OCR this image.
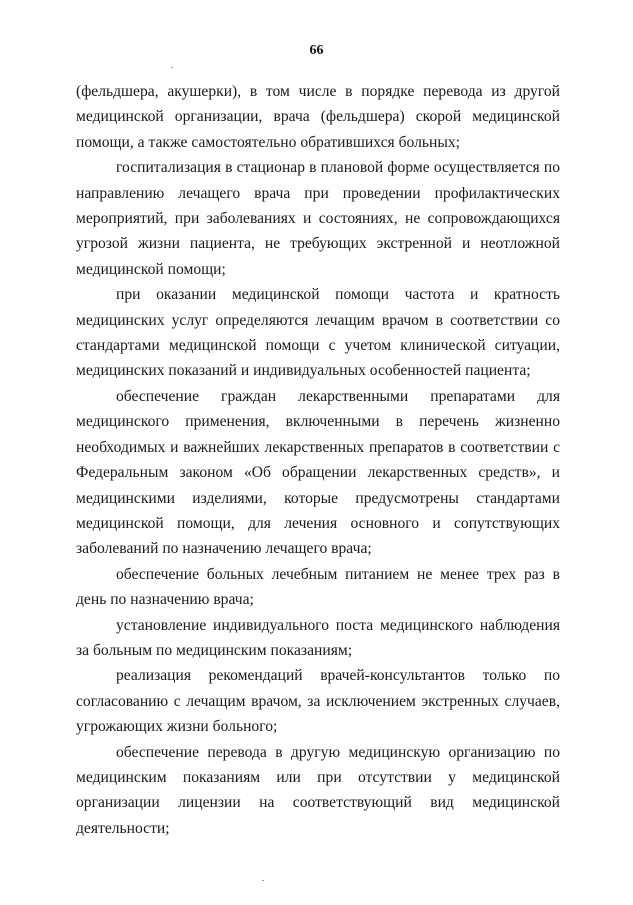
66

(фельдшера, акушерки), в том числе в порядке перевода из другой медицинской организации, врача (фельдшера) скорой медицинской помощи, а также самостоятельно обратившихся больных;

госпитализация в стационар в плановой форме осуществляется по направлению лечащего врача при проведении профилактических мероприятий, при заболеваниях и состояниях, не сопровождающихся угрозой жизни пациента, не требующих экстренной и неотложной медицинской помощи;

при оказании медицинской помощи частота и кратность медицинских услуг определяются лечащим врачом в соответствии со стандартами медицинской помощи с учетом клинической ситуации, медицинских показаний и индивидуальных особенностей пациента;

обеспечение граждан лекарственными препаратами для медицинского применения, включенными в перечень жизненно необходимых и важнейших лекарственных препаратов в соответствии с Федеральным законом «Об обращении лекарственных средств», и медицинскими изделиями, которые предусмотрены стандартами медицинской помощи, для лечения основного и сопутствующих заболеваний по назначению лечащего врача;

обеспечение больных лечебным питанием не менее трех раз в день по назначению врача;

установление индивидуального поста медицинского наблюдения за больным по медицинским показаниям;

реализация рекомендаций врачей-консультантов только по согласованию с лечащим врачом, за исключением экстренных случаев, угрожающих жизни больного;

обеспечение перевода в другую медицинскую организацию по медицинским показаниям или при отсутствии у медицинской организации лицензии на соответствующий вид медицинской деятельности;
